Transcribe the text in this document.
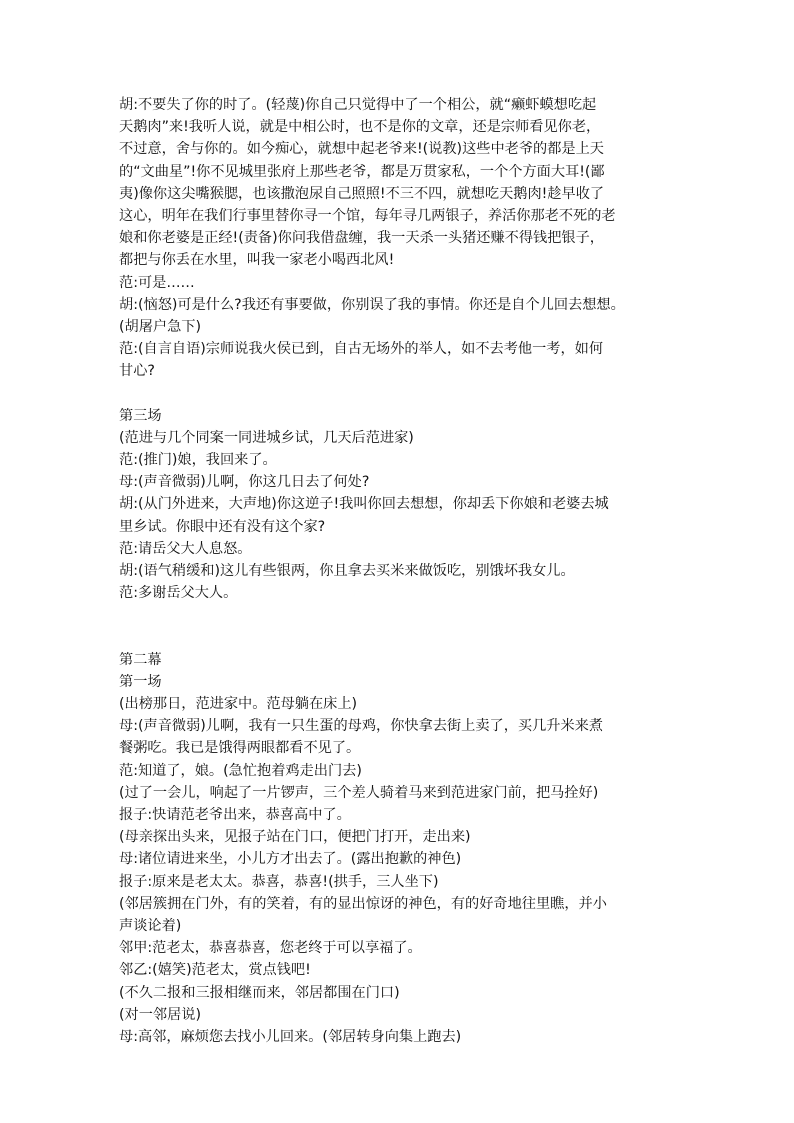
胡:不要失了你的时了。(轻蔑)你自己只觉得中了一个相公，就“癞虾蟆想吃起
天鹅肉”来!我听人说，就是中相公时，也不是你的文章，还是宗师看见你老，
不过意，舍与你的。如今痴心，就想中起老爷来!(说教)这些中老爷的都是上天
的“文曲星”!你不见城里张府上那些老爷，都是万贯家私，一个个方面大耳!(鄙
夷)像你这尖嘴猴腮，也该撒泡尿自己照照!不三不四，就想吃天鹅肉!趁早收了
这心，明年在我们行事里替你寻一个馆，每年寻几两银子，养活你那老不死的老
娘和你老婆是正经!(责备)你问我借盘缠，我一天杀一头猪还赚不得钱把银子，
都把与你丢在水里，叫我一家老小喝西北风!
范:可是……
胡:(恼怒)可是什么?我还有事要做，你别误了我的事情。你还是自个儿回去想想。
(胡屠户急下)
范:(自言自语)宗师说我火侯已到，自古无场外的举人，如不去考他一考，如何
甘心?
第三场
(范进与几个同案一同进城乡试，几天后范进家)
范:(推门)娘，我回来了。
母:(声音微弱)儿啊，你这几日去了何处?
胡:(从门外进来，大声地)你这逆子!我叫你回去想想，你却丢下你娘和老婆去城
里乡试。你眼中还有没有这个家?
范:请岳父大人息怒。
胡:(语气稍缓和)这儿有些银两，你且拿去买米来做饭吃，别饿坏我女儿。
范:多谢岳父大人。
第二幕
第一场
(出榜那日，范进家中。范母躺在床上)
母:(声音微弱)儿啊，我有一只生蛋的母鸡，你快拿去街上卖了，买几升米来煮
餐粥吃。我已是饿得两眼都看不见了。
范:知道了，娘。(急忙抱着鸡走出门去)
(过了一会儿，响起了一片锣声，三个差人骑着马来到范进家门前，把马拴好)
报子:快请范老爷出来，恭喜高中了。
(母亲探出头来，见报子站在门口，便把门打开，走出来)
母:诸位请进来坐，小儿方才出去了。(露出抱歉的神色)
报子:原来是老太太。恭喜，恭喜!(拱手，三人坐下)
(邻居簇拥在门外，有的笑着，有的显出惊讶的神色，有的好奇地往里瞧，并小
声谈论着)
邻甲:范老太，恭喜恭喜，您老终于可以享福了。
邻乙:(嬉笑)范老太，赏点钱吧!
(不久二报和三报相继而来，邻居都围在门口)
(对一邻居说)
母:高邻，麻烦您去找小儿回来。(邻居转身向集上跑去)
